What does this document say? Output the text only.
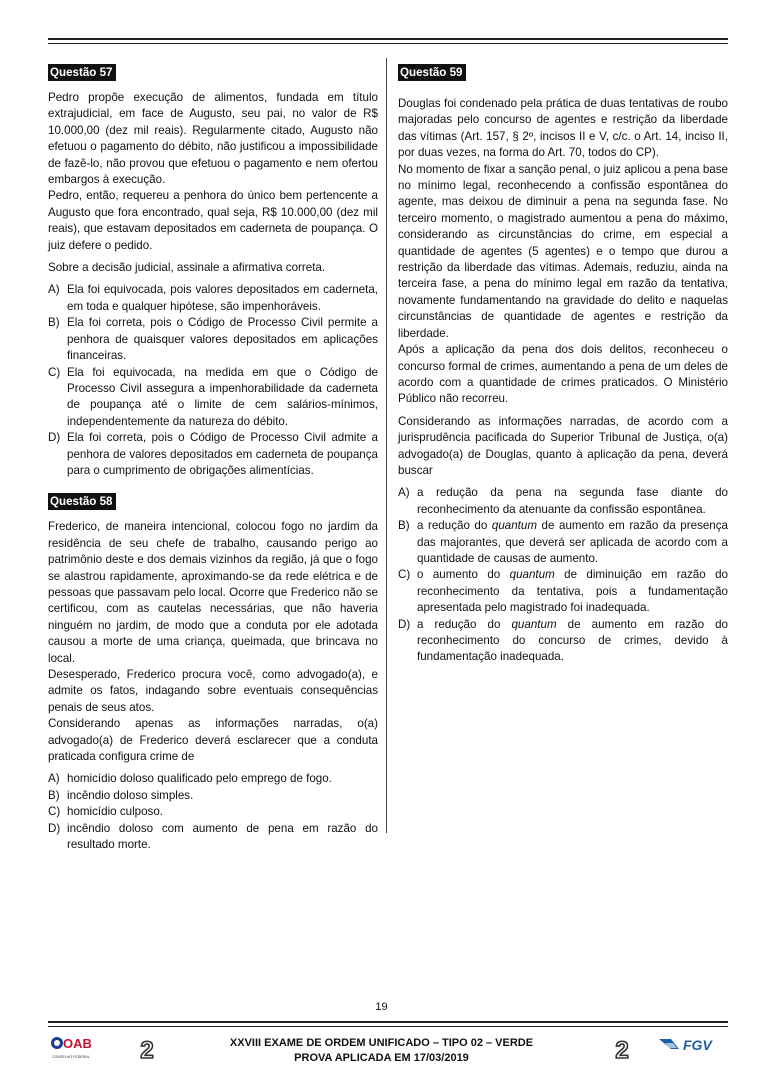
Questão 57

Pedro propõe execução de alimentos, fundada em título extrajudicial, em face de Augusto, seu pai, no valor de R$ 10.000,00 (dez mil reais). Regularmente citado, Augusto não efetuou o pagamento do débito, não justificou a impossibilidade de fazê-lo, não provou que efetuou o pagamento e nem ofertou embargos à execução.

Pedro, então, requereu a penhora do único bem pertencente a Augusto que fora encontrado, qual seja, R$ 10.000,00 (dez mil reais), que estavam depositados em caderneta de poupança. O juiz defere o pedido.

Sobre a decisão judicial, assinale a afirmativa correta.

A) Ela foi equivocada, pois valores depositados em caderneta, em toda e qualquer hipótese, são impenhoráveis.
B) Ela foi correta, pois o Código de Processo Civil permite a penhora de quaisquer valores depositados em aplicações financeiras.
C) Ela foi equivocada, na medida em que o Código de Processo Civil assegura a impenhorabilidade da caderneta de poupança até o limite de cem salários-mínimos, independentemente da natureza do débito.
D) Ela foi correta, pois o Código de Processo Civil admite a penhora de valores depositados em caderneta de poupança para o cumprimento de obrigações alimentícias.
Questão 58

Frederico, de maneira intencional, colocou fogo no jardim da residência de seu chefe de trabalho, causando perigo ao patrimônio deste e dos demais vizinhos da região, já que o fogo se alastrou rapidamente, aproximando-se da rede elétrica e de pessoas que passavam pelo local. Ocorre que Frederico não se certificou, com as cautelas necessárias, que não haveria ninguém no jardim, de modo que a conduta por ele adotada causou a morte de uma criança, queimada, que brincava no local.

Desesperado, Frederico procura você, como advogado(a), e admite os fatos, indagando sobre eventuais consequências penais de seus atos.

Considerando apenas as informações narradas, o(a) advogado(a) de Frederico deverá esclarecer que a conduta praticada configura crime de

A) homicídio doloso qualificado pelo emprego de fogo.
B) incêndio doloso simples.
C) homicídio culposo.
D) incêndio doloso com aumento de pena em razão do resultado morte.
Questão 59

Douglas foi condenado pela prática de duas tentativas de roubo majoradas pelo concurso de agentes e restrição da liberdade das vítimas (Art. 157, § 2º, incisos II e V, c/c. o Art. 14, inciso II, por duas vezes, na forma do Art. 70, todos do CP).

No momento de fixar a sanção penal, o juiz aplicou a pena base no mínimo legal, reconhecendo a confissão espontânea do agente, mas deixou de diminuir a pena na segunda fase. No terceiro momento, o magistrado aumentou a pena do máximo, considerando as circunstâncias do crime, em especial a quantidade de agentes (5 agentes) e o tempo que durou a restrição da liberdade das vítimas. Ademais, reduziu, ainda na terceira fase, a pena do mínimo legal em razão da tentativa, novamente fundamentando na gravidade do delito e naquelas circunstâncias de quantidade de agentes e restrição da liberdade.

Após a aplicação da pena dos dois delitos, reconheceu o concurso formal de crimes, aumentando a pena de um deles de acordo com a quantidade de crimes praticados. O Ministério Público não recorreu.

Considerando as informações narradas, de acordo com a jurisprudência pacificada do Superior Tribunal de Justiça, o(a) advogado(a) de Douglas, quanto à aplicação da pena, deverá buscar

A) a redução da pena na segunda fase diante do reconhecimento da atenuante da confissão espontânea.
B) a redução do quantum de aumento em razão da presença das majorantes, que deverá ser aplicada de acordo com a quantidade de causas de aumento.
C) o aumento do quantum de diminuição em razão do reconhecimento da tentativa, pois a fundamentação apresentada pelo magistrado foi inadequada.
D) a redução do quantum de aumento em razão do reconhecimento do concurso de crimes, devido à fundamentação inadequada.
19
OAB
CONSELHO FEDERAL 2	2
XXVIII EXAME DE ORDEM UNIFICADO – TIPO 02 – VERDE
PROVA APLICADA EM 17/03/2019
FGV
